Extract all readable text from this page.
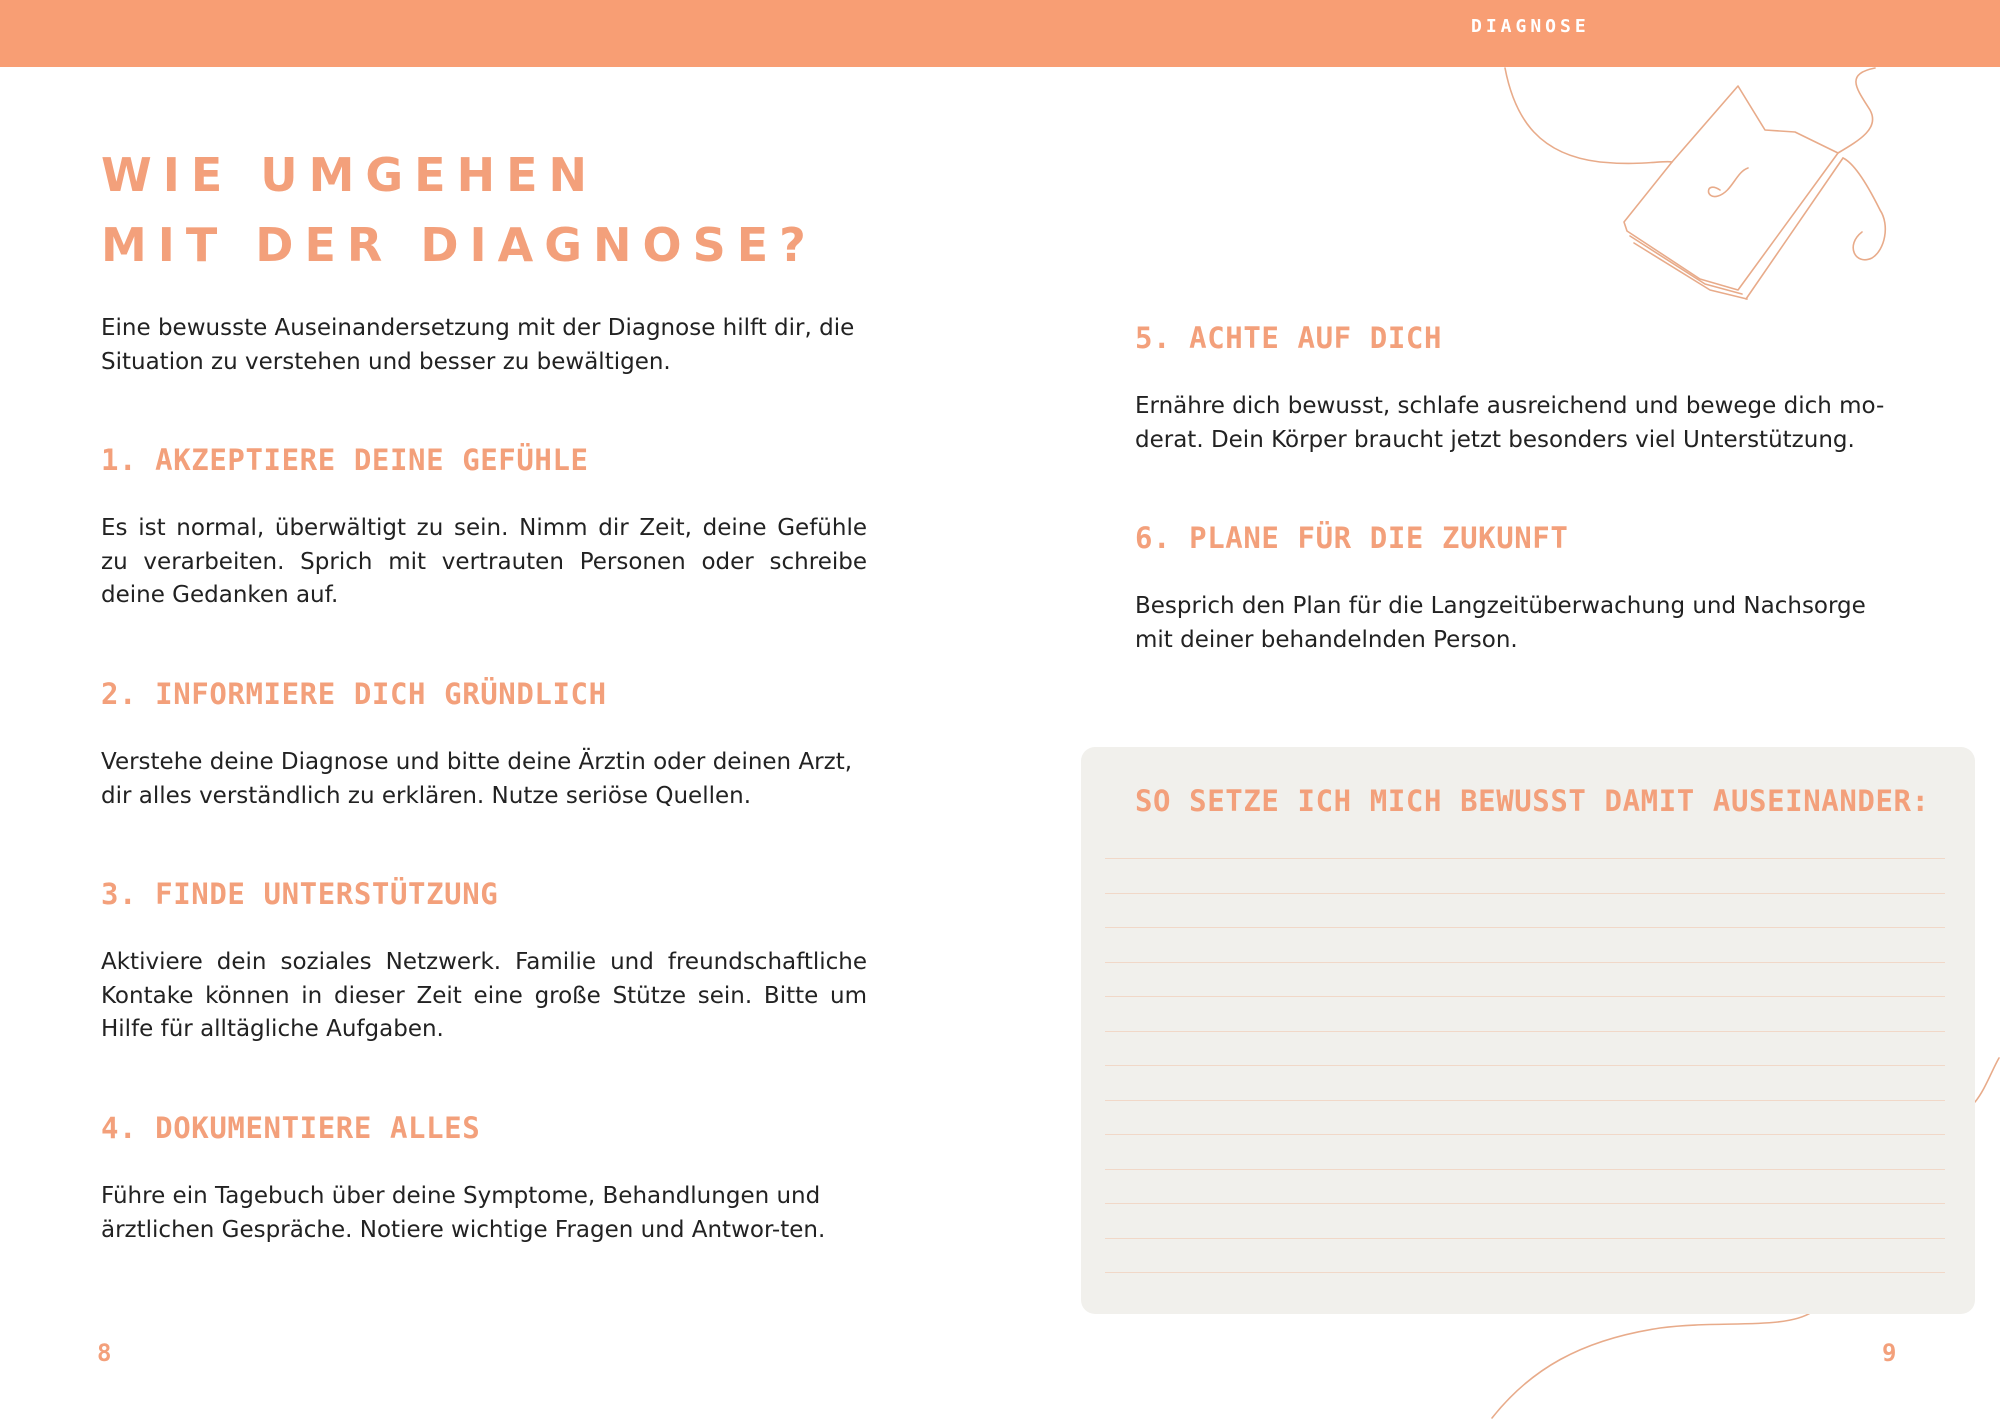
DIAGNOSE
WIE UMGEHEN
MIT DER DIAGNOSE?

Eine bewusste Auseinandersetzung mit der Diagnose hilft dir, die Situation zu verstehen und besser zu bewältigen.

1. AKZEPTIERE DEINE GEFÜHLE

Es ist normal, überwältigt zu sein. Nimm dir Zeit, deine Gefühle zu verarbeiten. Sprich mit vertrauten Personen oder schreibe deine Gedanken auf.

2. INFORMIERE DICH GRÜNDLICH

Verstehe deine Diagnose und bitte deine Ärztin oder deinen Arzt, dir alles verständlich zu erklären. Nutze seriöse Quellen.

3. FINDE UNTERSTÜTZUNG

Aktiviere dein soziales Netzwerk. Familie und freundschaftliche Kontake können in dieser Zeit eine große Stütze sein. Bitte um Hilfe für alltägliche Aufgaben.

4. DOKUMENTIERE ALLES

Führe ein Tagebuch über deine Symptome, Behandlungen und ärztlichen Gespräche. Notiere wichtige Fragen und Antwor-ten.

5. ACHTE AUF DICH

Ernähre dich bewusst, schlafe ausreichend und bewege dich mo-derat. Dein Körper braucht jetzt besonders viel Unterstützung.

6. PLANE FÜR DIE ZUKUNFT

Besprich den Plan für die Langzeitüberwachung und Nachsorge mit deiner behandelnden Person.

SO SETZE ICH MICH BEWUSST DAMIT AUSEINANDER:
8	9
